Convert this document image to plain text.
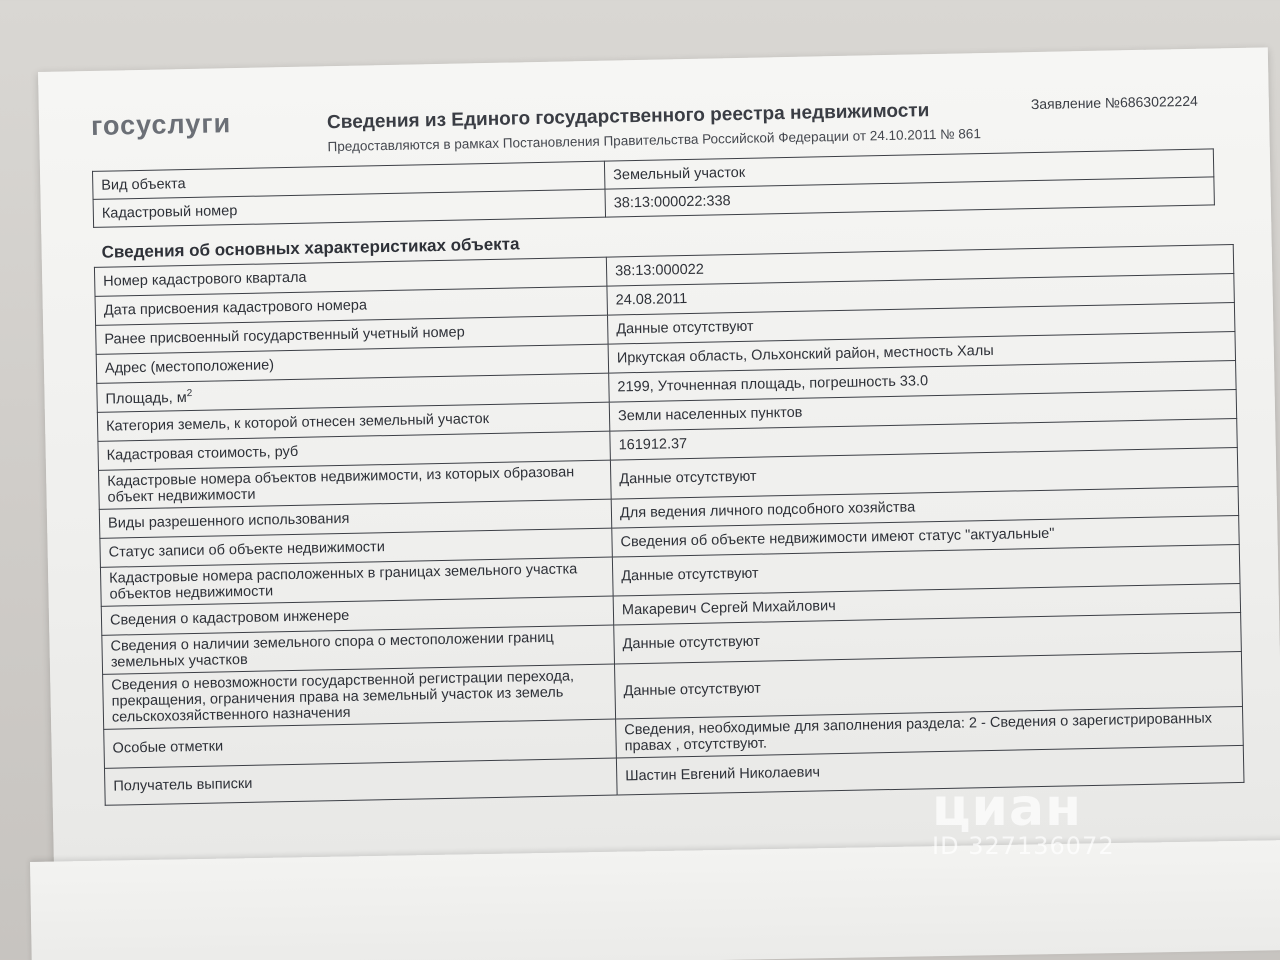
госуслуги	Сведения из Единого государственного реестра недвижимости
Предоставляются в рамках Постановления Правительства Российской Федерации от 24.10.2011 № 861
Заявление №6863022224
Вид объекта	Земельный участок
Кадастровый номер	38:13:000022:338
Сведения об основных характеристиках объекта
Номер кадастрового квартала	38:13:000022
Дата присвоения кадастрового номера	24.08.2011
Ранее присвоенный государственный учетный номер	Данные отсутствуют
Адрес (местоположение)	Иркутская область, Ольхонский район, местность Халы
Площадь, $м^2$	2199, Уточненная площадь, погрешность 33.0
Категория земель, к которой отнесен земельный участок	Земли населенных пунктов
Кадастровая стоимость, руб	161912.37
Кадастровые номера объектов недвижимости, из которых образован объект недвижимости	Данные отсутствуют
Виды разрешенного использования	Для ведения личного подсобного хозяйства
Статус записи об объекте недвижимости	Сведения об объекте недвижимости имеют статус "актуальные"
Кадастровые номера расположенных в границах земельного участка объектов недвижимости	Данные отсутствуют
Сведения о кадастровом инженере	Макаревич Сергей Михайлович
Сведения о наличии земельного спора о местоположении границ земельных участков	Данные отсутствуют
Сведения о невозможности государственной регистрации перехода, прекращения, ограничения права на земельный участок из земель сельскохозяйственного назначения	Данные отсутствуют
Особые отметки	Сведения, необходимые для заполнения раздела: 2 - Сведения о зарегистрированных правах , отсутствуют.
Получатель выписки	Шастин Евгений Николаевич
циан
ID 327136072
